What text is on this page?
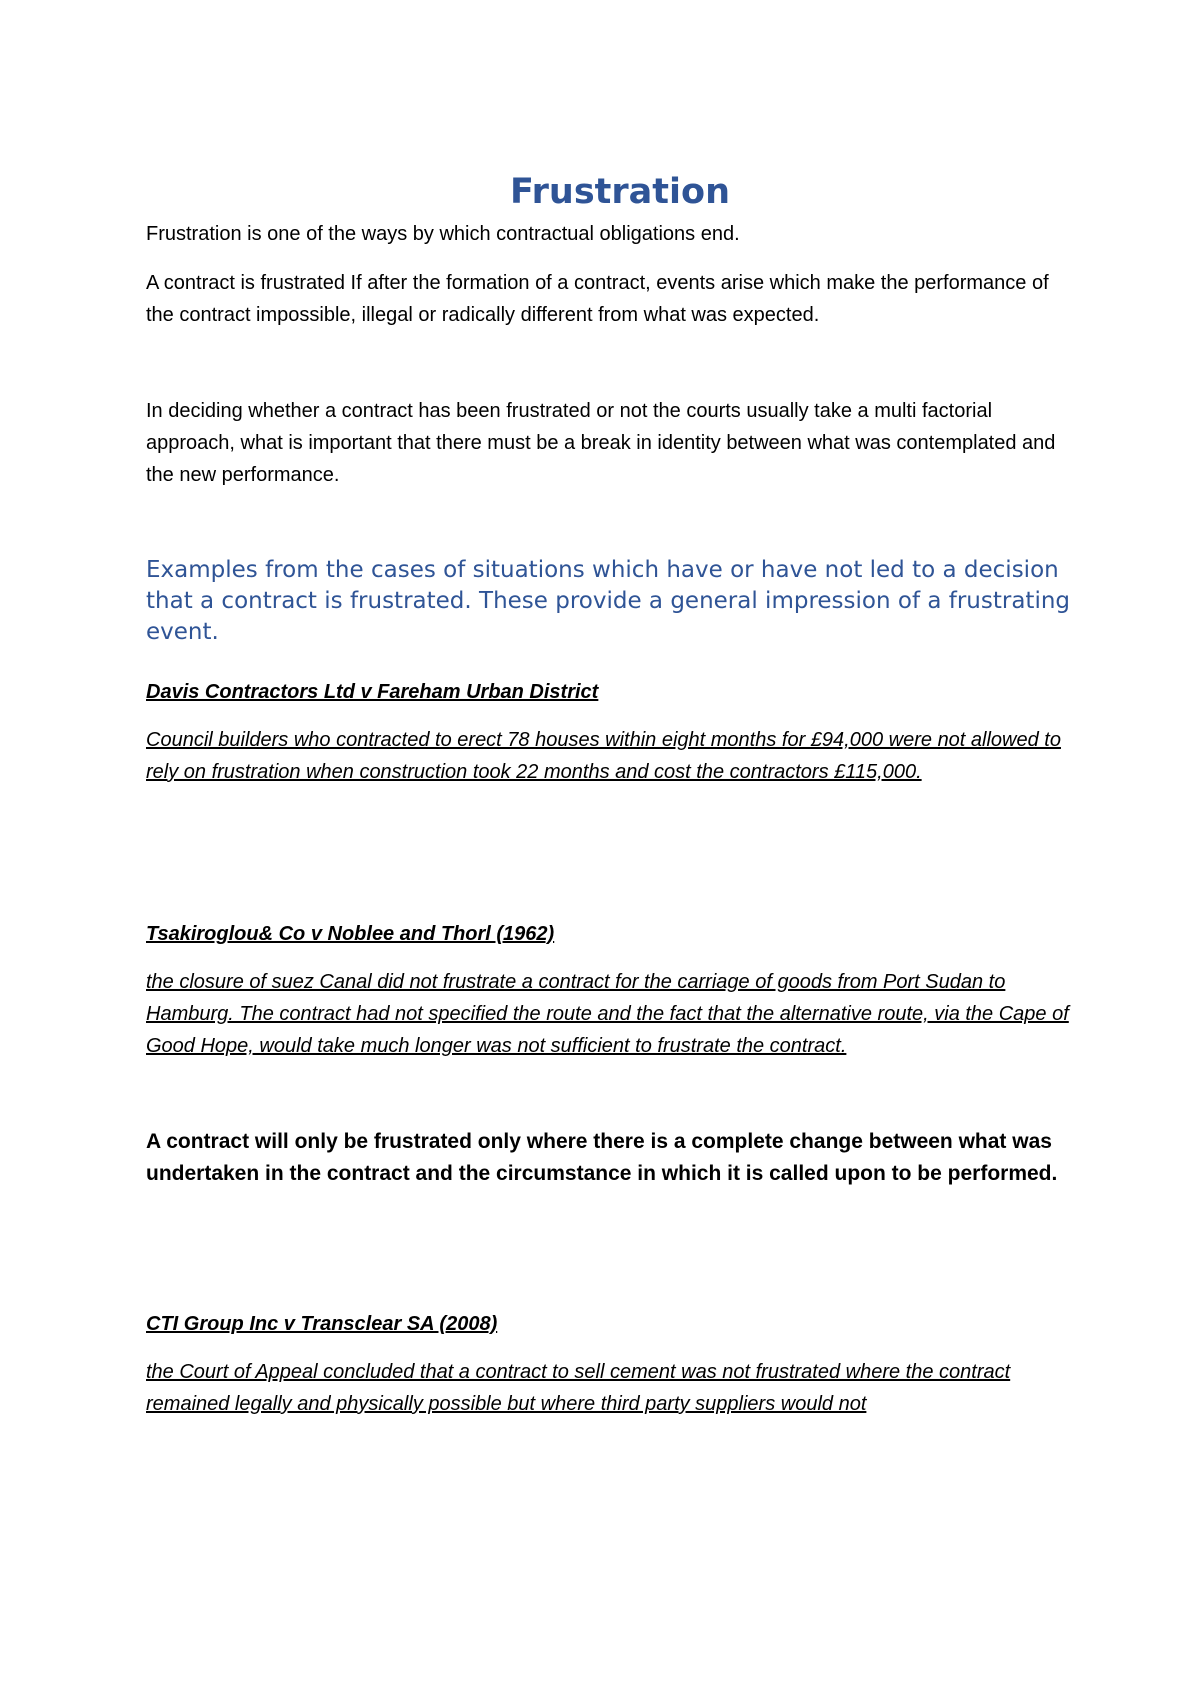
Frustration

Frustration is one of the ways by which contractual obligations end.

A contract is frustrated If after the formation of a contract, events arise which make the performance of the contract impossible, illegal or radically different from what was expected.

In deciding whether a contract has been frustrated or not the courts usually take a multi factorial approach, what is important that there must be a break in identity between what was contemplated and the new performance.

Examples from the cases of situations which have or have not led to a decision that a contract is frustrated. These provide a general impression of a frustrating event.

Davis Contractors Ltd v Fareham Urban District

Council builders who contracted to erect 78 houses within eight months for £94,000 were not allowed to rely on frustration when construction took 22 months and cost the contractors £115,000.

Tsakiroglou& Co v Noblee and Thorl (1962)

the closure of suez Canal did not frustrate a contract for the carriage of goods from Port Sudan to Hamburg. The contract had not specified the route and the fact that the alternative route, via the Cape of Good Hope, would take much longer was not sufficient to frustrate the contract.

A contract will only be frustrated only where there is a complete change between what was undertaken in the contract and the circumstance in which it is called upon to be performed.

CTI Group Inc v Transclear SA (2008)

the Court of Appeal concluded that a contract to sell cement was not frustrated where the contract remained legally and physically possible but where third party suppliers would not
